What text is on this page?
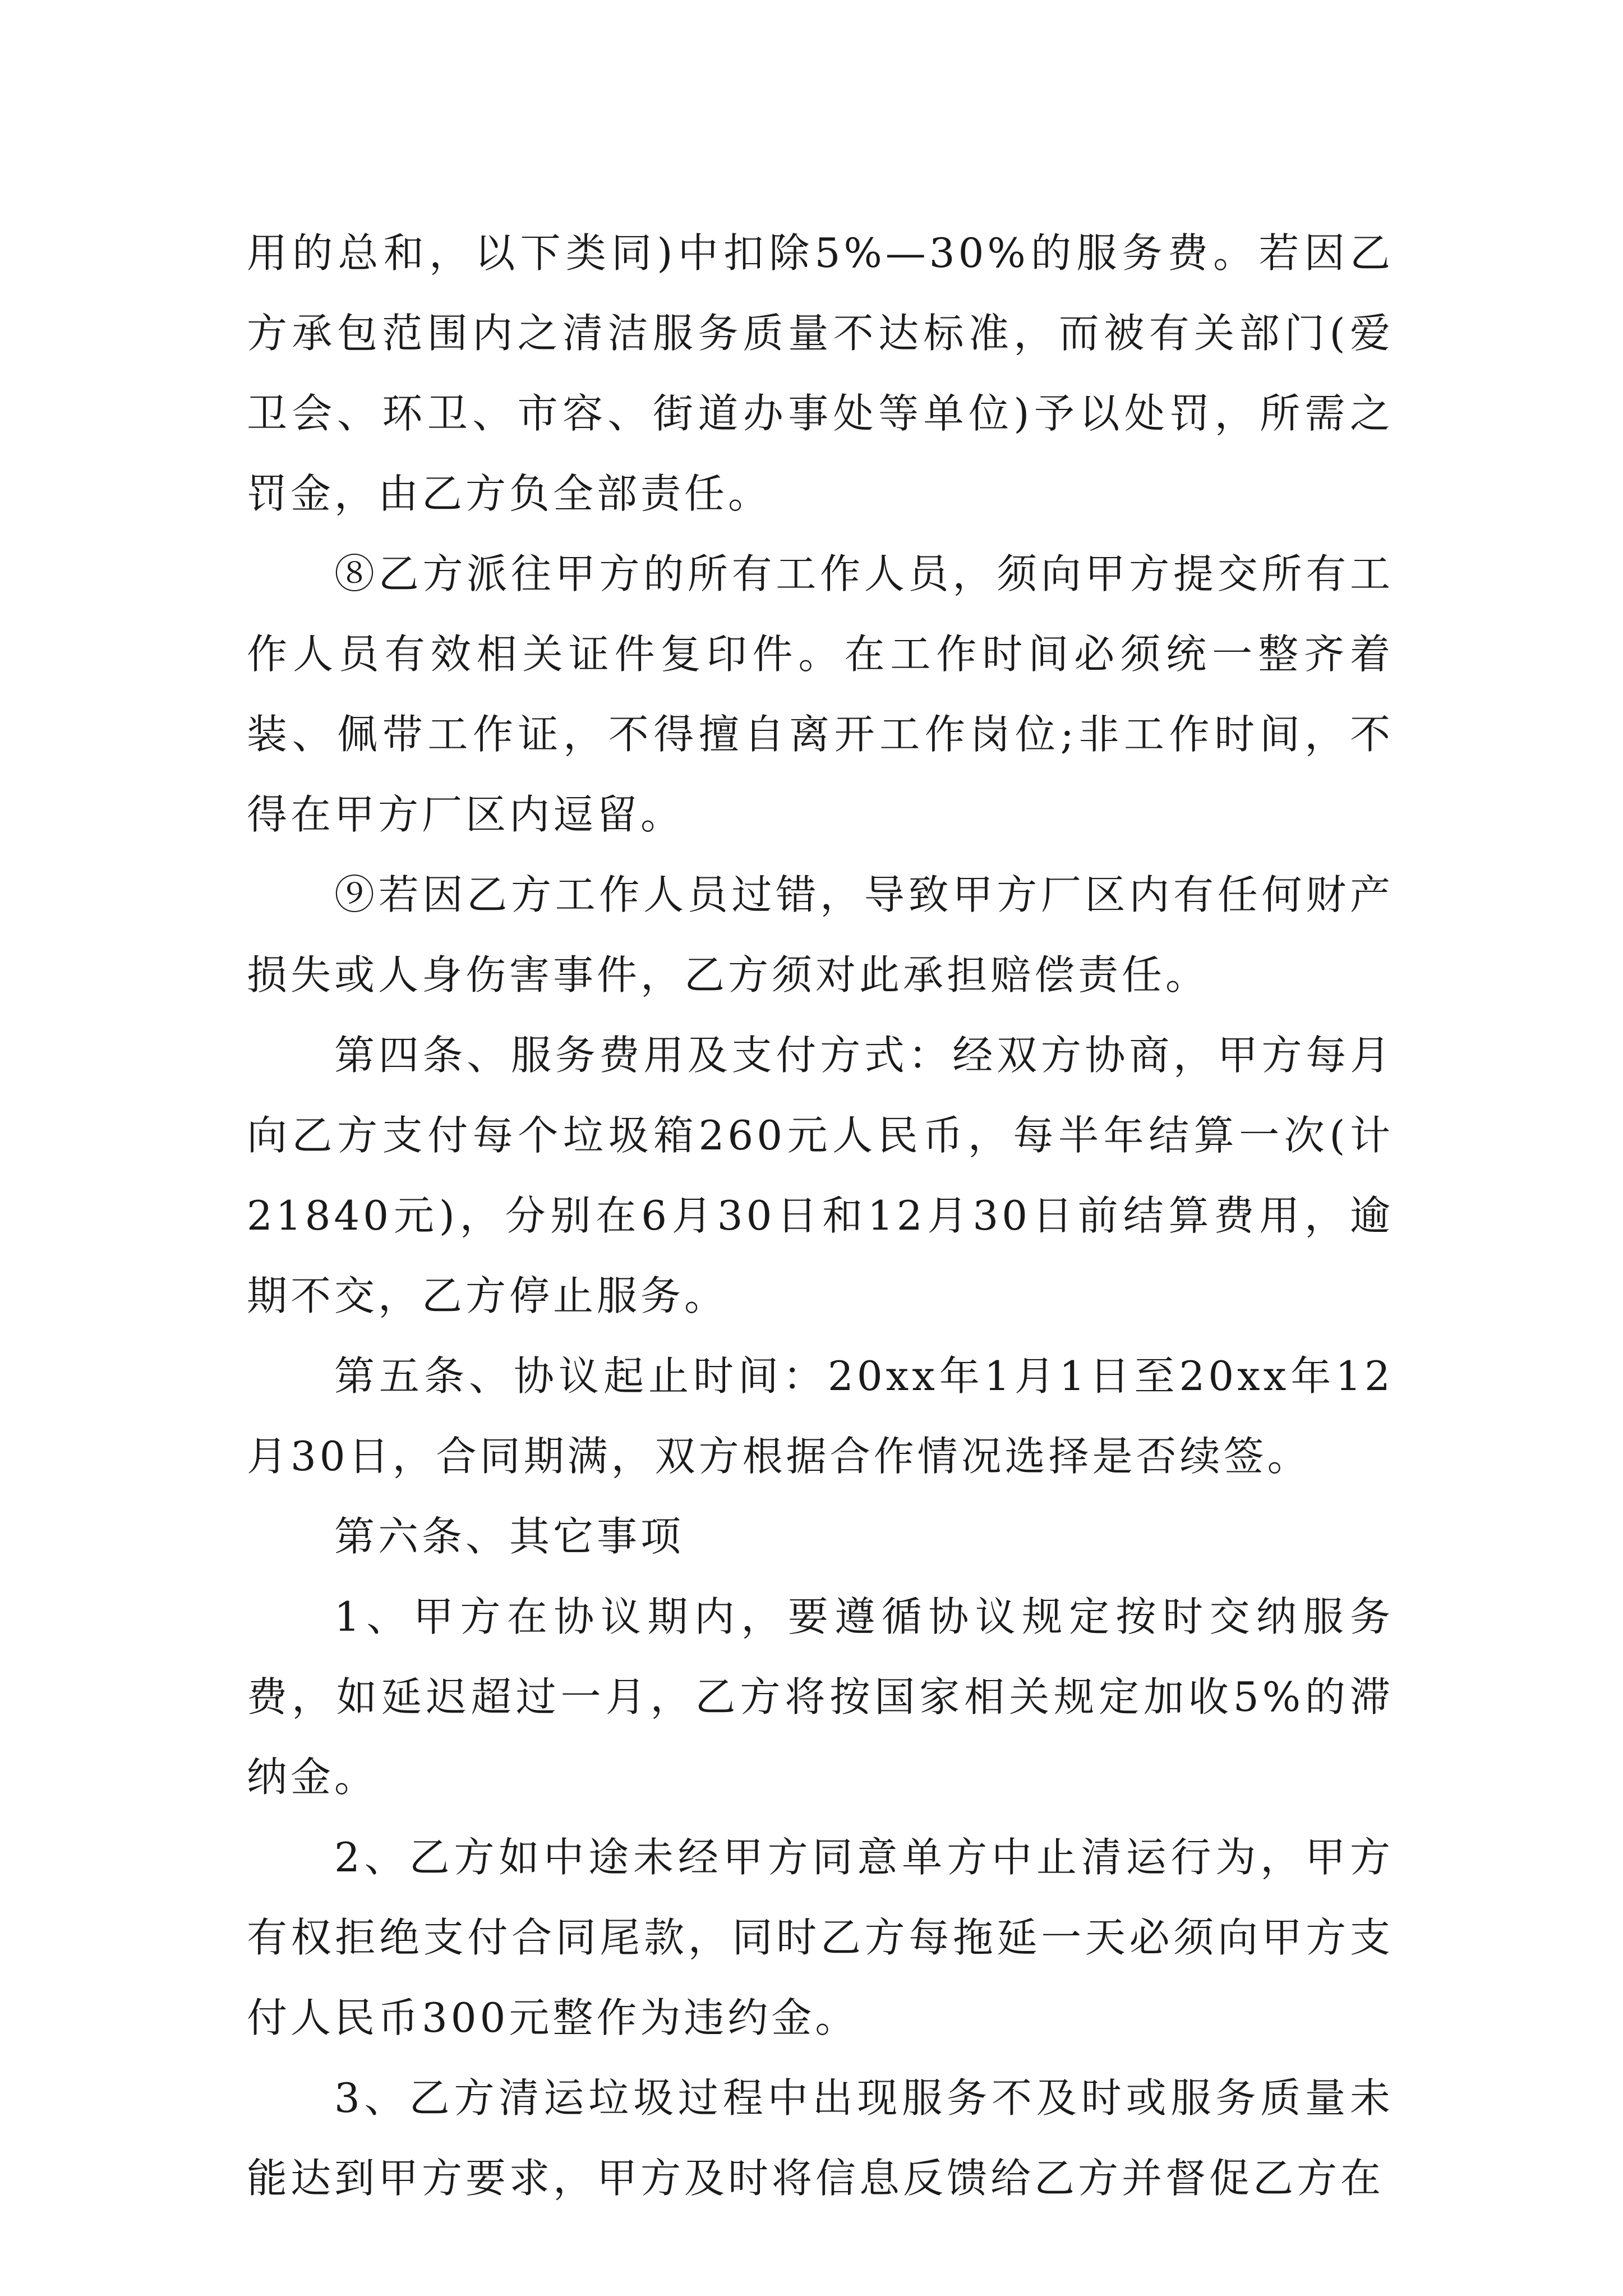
用的总和，以下类同)中扣除5%—30%的服务费。若因乙方承包范围内之清洁服务质量不达标准，而被有关部门(爱卫会、环卫、市容、街道办事处等单位)予以处罚，所需之罚金，由乙方负全部责任。

⑧乙方派往甲方的所有工作人员，须向甲方提交所有工作人员有效相关证件复印件。在工作时间必须统一整齐着装、佩带工作证，不得擅自离开工作岗位;非工作时间，不得在甲方厂区内逗留。

⑨若因乙方工作人员过错，导致甲方厂区内有任何财产损失或人身伤害事件，乙方须对此承担赔偿责任。

第四条、服务费用及支付方式：经双方协商，甲方每月向乙方支付每个垃圾箱260元人民币，每半年结算一次(计21840元)，分别在6月30日和12月30日前结算费用，逾期不交，乙方停止服务。

第五条、协议起止时间：20xx年1月1日至20xx年12月30日，合同期满，双方根据合作情况选择是否续签。

第六条、其它事项

1、甲方在协议期内，要遵循协议规定按时交纳服务费，如延迟超过一月，乙方将按国家相关规定加收5%的滞纳金。

2、乙方如中途未经甲方同意单方中止清运行为，甲方有权拒绝支付合同尾款，同时乙方每拖延一天必须向甲方支付人民币300元整作为违约金。

3、乙方清运垃圾过程中出现服务不及时或服务质量未能达到甲方要求，甲方及时将信息反馈给乙方并督促乙方在
